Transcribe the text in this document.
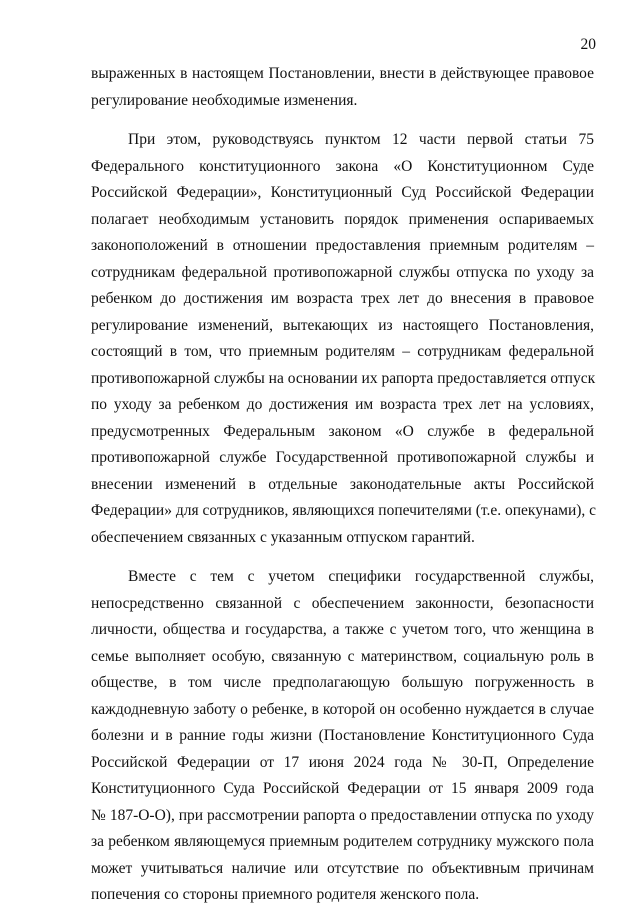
20
выраженных в настоящем Постановлении, внести в действующее правовое
регулирование необходимые изменения.
При этом, руководствуясь пунктом 12 части первой статьи 75
Федерального конституционного закона «О Конституционном Суде
Российской Федерации», Конституционный Суд Российской Федерации
полагает необходимым установить порядок применения оспариваемых
законоположений в отношении предоставления приемным родителям –
сотрудникам федеральной противопожарной службы отпуска по уходу за
ребенком до достижения им возраста трех лет до внесения в правовое
регулирование изменений, вытекающих из настоящего Постановления,
состоящий в том, что приемным родителям – сотрудникам федеральной
противопожарной службы на основании их рапорта предоставляется отпуск
по уходу за ребенком до достижения им возраста трех лет на условиях,
предусмотренных Федеральным законом «О службе в федеральной
противопожарной службе Государственной противопожарной службы и
внесении изменений в отдельные законодательные акты Российской
Федерации» для сотрудников, являющихся попечителями (т.е. опекунами), с
обеспечением связанных с указанным отпуском гарантий.
Вместе с тем с учетом специфики государственной службы,
непосредственно связанной с обеспечением законности, безопасности
личности, общества и государства, а также с учетом того, что женщина в
семье выполняет особую, связанную с материнством, социальную роль в
обществе, в том числе предполагающую большую погруженность в
каждодневную заботу о ребенке, в которой он особенно нуждается в случае
болезни и в ранние годы жизни (Постановление Конституционного Суда
Российской Федерации от 17 июня 2024 года № 30-П, Определение
Конституционного Суда Российской Федерации от 15 января 2009 года
№ 187-О-О), при рассмотрении рапорта о предоставлении отпуска по уходу
за ребенком являющемуся приемным родителем сотруднику мужского пола
может учитываться наличие или отсутствие по объективным причинам
попечения со стороны приемного родителя женского пола.
